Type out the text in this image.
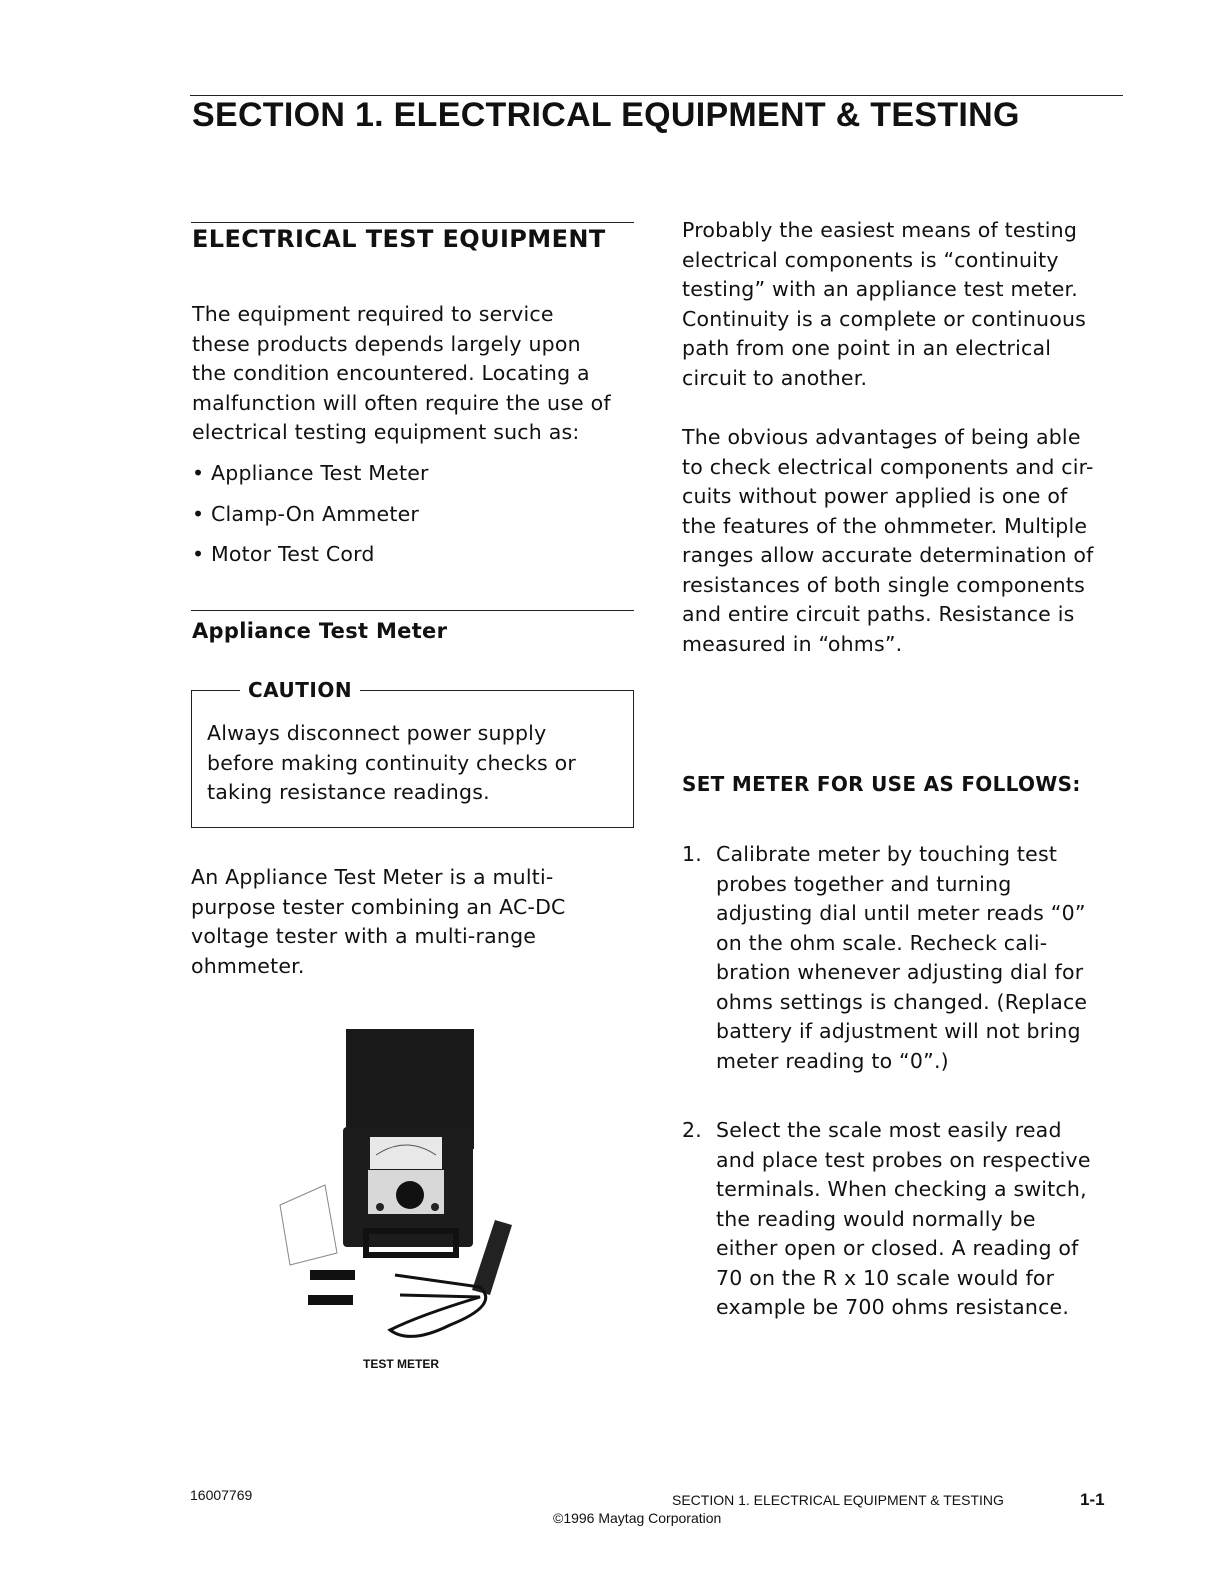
SECTION 1. ELECTRICAL EQUIPMENT & TESTING
ELECTRICAL TEST EQUIPMENT
The equipment required to service
these products depends largely upon
the condition encountered. Locating a
malfunction will often require the use of
electrical testing equipment such as:
• Appliance Test Meter
• Clamp-On Ammeter
• Motor Test Cord
Appliance Test Meter
CAUTION
Always disconnect power supply
before making continuity checks or
taking resistance readings.
An Appliance Test Meter is a multi-
purpose tester combining an AC-DC
voltage tester with a multi-range
ohmmeter.
TEST METER
Probably the easiest means of testing
electrical components is “continuity
testing” with an appliance test meter.
Continuity is a complete or continuous
path from one point in an electrical
circuit to another.
The obvious advantages of being able
to check electrical components and cir-
cuits without power applied is one of
the features of the ohmmeter. Multiple
ranges allow accurate determination of
resistances of both single components
and entire circuit paths. Resistance is
measured in “ohms”.
SET METER FOR USE AS FOLLOWS:
1. Calibrate meter by touching test
probes together and turning
adjusting dial until meter reads “0”
on the ohm scale. Recheck cali-
bration whenever adjusting dial for
ohms settings is changed. (Replace
battery if adjustment will not bring
meter reading to “0”.)
2. Select the scale most easily read
and place test probes on respective
terminals. When checking a switch,
the reading would normally be
either open or closed. A reading of
70 on the R x 10 scale would for
example be 700 ohms resistance.
16007769	SECTION 1. ELECTRICAL EQUIPMENT & TESTING	1-1
©1996 Maytag Corporation
